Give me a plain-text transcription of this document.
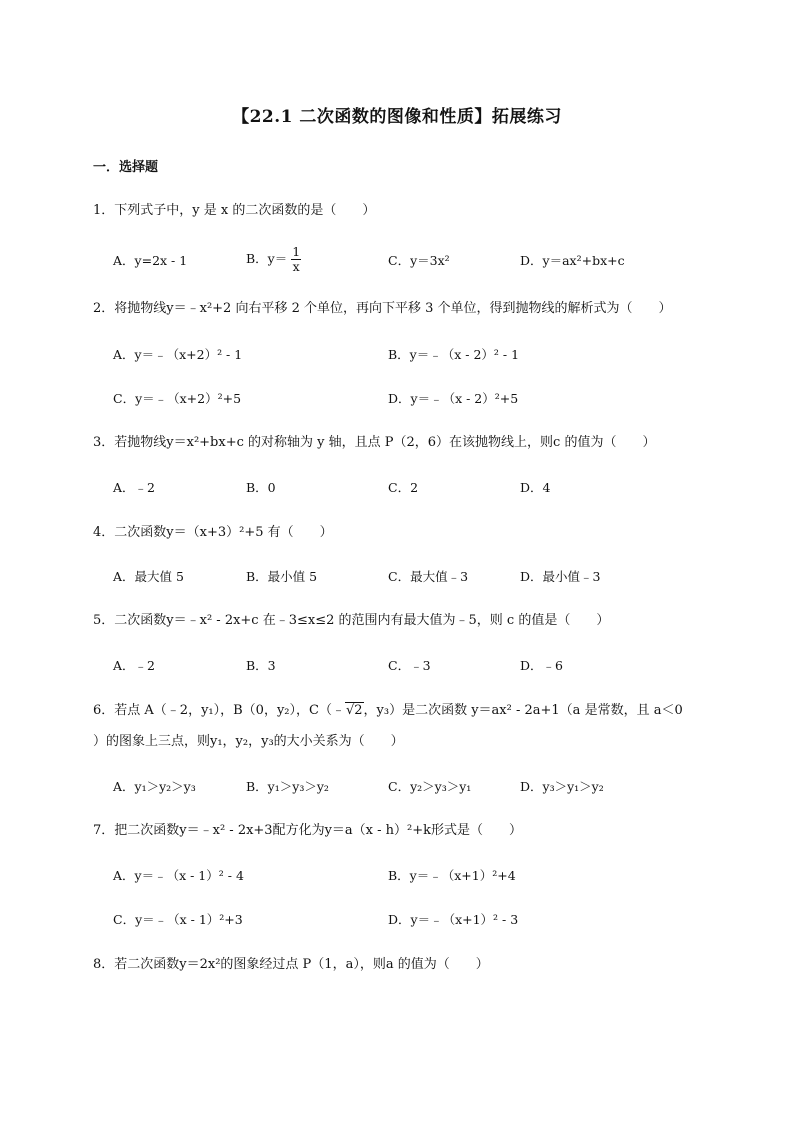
【22.1 二次函数的图像和性质】拓展练习
一．选择题
1．下列式子中，y 是 x 的二次函数的是（　　）
A．y=2x - 1	B．$y= \frac{1}{x}$	C．y＝3x²	D．y＝ax²+bx+c
2．将抛物线y＝﹣x²+2 向右平移 2 个单位，再向下平移 3 个单位，得到抛物线的解析式为（　　）
A．y＝﹣（x+2）² - 1	B．y＝﹣（x - 2）² - 1
C．y＝﹣（x+2）²+5	D．y＝﹣（x - 2）²+5
3．若抛物线y＝x²+bx+c 的对称轴为 y 轴，且点 P（2，6）在该抛物线上，则c 的值为（　　）
A．﹣2	B．0	C．2	D．4
4．二次函数y＝（x+3）²+5 有（　　）
A．最大值 5	B．最小值 5	C．最大值﹣3	D．最小值﹣3
5．二次函数y＝﹣x² - 2x+c 在﹣3≤x≤2 的范围内有最大值为﹣5，则 c 的值是（　　）
A．﹣2	B．3	C．﹣3	D．﹣6
6．若点 A（﹣2，y₁），B（0，y₂），C（﹣√2，y₃）是二次函数 y＝ax² - 2a+1（a 是常数，且 a＜0
）的图象上三点，则y₁，y₂，y₃的大小关系为（　　）
A．y₁＞y₂＞y₃	B．y₁＞y₃＞y₂	C．y₂＞y₃＞y₁	D．y₃＞y₁＞y₂
7．把二次函数y＝﹣x² - 2x+3配方化为y＝a（x - h）²+k形式是（　　）
A．y＝﹣（x - 1）² - 4	B．y＝﹣（x+1）²+4
C．y＝﹣（x - 1）²+3	D．y＝﹣（x+1）² - 3
8．若二次函数y＝2x²的图象经过点 P（1，a），则a 的值为（　　）
